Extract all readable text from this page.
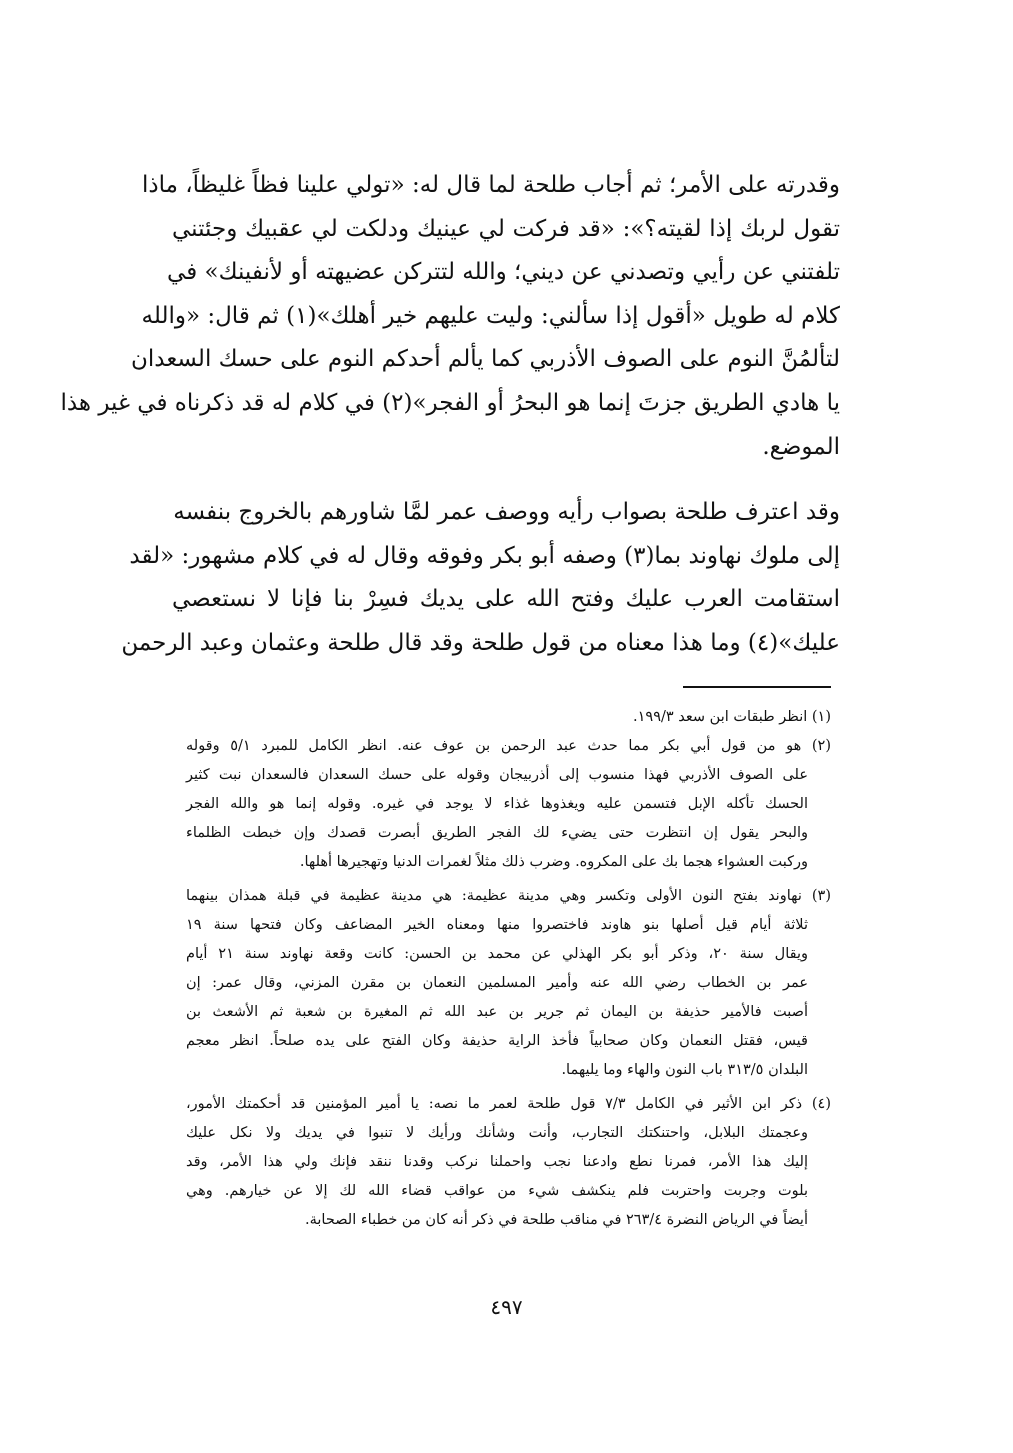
وقدرته على الأمر؛ ثم أجاب طلحة لما قال له: «تولي علينا فظاً غليظاً، ماذا
تقول لربك إذا لقيته؟»: «قد فركت لي عينيك ودلكت لي عقبيك وجئتني
تلفتني عن رأيي وتصدني عن ديني؛ والله لتتركن عضيهته أو لأنفينك» في
كلام له طويل «أقول إذا سألني: وليت عليهم خير أهلك»(١) ثم قال: «والله
لتألمُنَّ النوم على الصوف الأذربي كما يألم أحدكم النوم على حسك السعدان
يا هادي الطريق جزتَ إنما هو البحرُ أو الفجر»(٢) في كلام له قد ذكرناه في غير هذا
الموضع.
وقد اعترف طلحة بصواب رأيه ووصف عمر لمَّا شاورهم بالخروج بنفسه
إلى ملوك نهاوند بما(٣) وصفه أبو بكر وفوقه وقال له في كلام مشهور: «لقد
استقامت العرب عليك وفتح الله على يديك فسِرْ بنا فإنا لا نستعصي
عليك»(٤) وما هذا معناه من قول طلحة وقد قال طلحة وعثمان وعبد الرحمن
(١) انظر طبقات ابن سعد ١٩٩/٣.
(٢) هو من قول أبي بكر مما حدث عبد الرحمن بن عوف عنه. انظر الكامل للمبرد ٥/١ وقوله
على الصوف الأذربي فهذا منسوب إلى أذربيجان وقوله على حسك السعدان فالسعدان نبت كثير
الحسك تأكله الإبل فتسمن عليه ويغذوها غذاء لا يوجد في غيره. وقوله إنما هو والله الفجر
والبحر يقول إن انتظرت حتى يضيء لك الفجر الطريق أبصرت قصدك وإن خبطت الظلماء
وركبت العشواء هجما بك على المكروه. وضرب ذلك مثلاً لغمرات الدنيا وتهجيرها أهلها.
(٣) نهاوند بفتح النون الأولى وتكسر وهي مدينة عظيمة: هي مدينة عظيمة في قبلة همذان بينهما
ثلاثة أيام قيل أصلها بنو هاوند فاختصروا منها ومعناه الخير المضاعف وكان فتحها سنة ١٩
ويقال سنة ٢٠، وذكر أبو بكر الهذلي عن محمد بن الحسن: كانت وقعة نهاوند سنة ٢١ أيام
عمر بن الخطاب رضي الله عنه وأمير المسلمين النعمان بن مقرن المزني، وقال عمر: إن
أصبت فالأمير حذيفة بن اليمان ثم جرير بن عبد الله ثم المغيرة بن شعبة ثم الأشعث بن
قيس، فقتل النعمان وكان صحابياً فأخذ الراية حذيفة وكان الفتح على يده صلحاً. انظر معجم
البلدان ٣١٣/٥ باب النون والهاء وما يليهما.
(٤) ذكر ابن الأثير في الكامل ٧/٣ قول طلحة لعمر ما نصه: يا أمير المؤمنين قد أحكمتك الأمور،
وعجمتك البلابل، واحتنكتك التجارب، وأنت وشأنك ورأيك لا تنبوا في يديك ولا نكل عليك
إليك هذا الأمر، فمرنا نطع وادعنا نجب واحملنا نركب وقدنا ننقد فإنك ولي هذا الأمر، وقد
بلوت وجربت واحتربت فلم ينكشف شيء من عواقب قضاء الله لك إلا عن خيارهم. وهي
أيضاً في الرياض النضرة ٢٦٣/٤ في مناقب طلحة في ذكر أنه كان من خطباء الصحابة.
٤٩٧
